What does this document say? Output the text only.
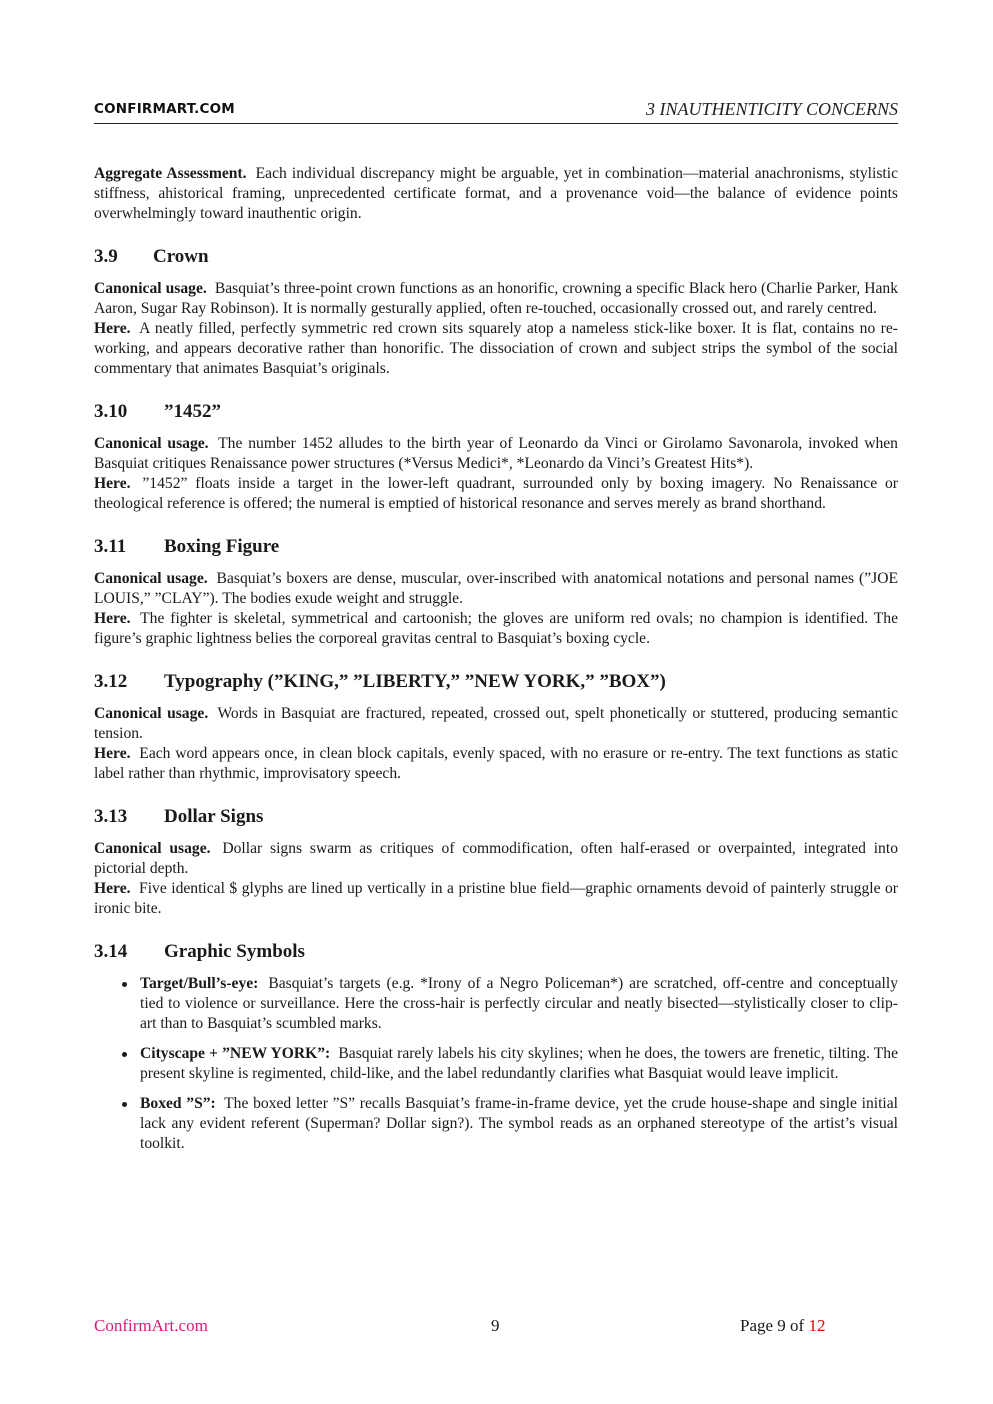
CONFIRMART.COM	3 INAUTHENTICITY CONCERNS

Aggregate Assessment. Each individual discrepancy might be arguable, yet in combination—material anachronisms, stylistic stiffness, ahistorical framing, unprecedented certificate format, and a provenance void—the balance of evidence points overwhelmingly toward inauthentic origin.

3.9	Crown

Canonical usage. Basquiat’s three-point crown functions as an honorific, crowning a specific Black hero (Charlie Parker, Hank Aaron, Sugar Ray Robinson). It is normally gesturally applied, often re-touched, occasionally crossed out, and rarely centred.

Here. A neatly filled, perfectly symmetric red crown sits squarely atop a nameless stick-like boxer. It is flat, contains no re-working, and appears decorative rather than honorific. The dissociation of crown and subject strips the symbol of the social commentary that animates Basquiat’s originals.

3.10	”1452”

Canonical usage. The number 1452 alludes to the birth year of Leonardo da Vinci or Girolamo Savonarola, invoked when Basquiat critiques Renaissance power structures (*Versus Medici*, *Leonardo da Vinci’s Greatest Hits*).

Here. ”1452” floats inside a target in the lower-left quadrant, surrounded only by boxing imagery. No Renaissance or theological reference is offered; the numeral is emptied of historical resonance and serves merely as brand shorthand.

3.11	Boxing Figure

Canonical usage. Basquiat’s boxers are dense, muscular, over-inscribed with anatomical notations and personal names (”JOE LOUIS,” ”CLAY”). The bodies exude weight and struggle.

Here. The fighter is skeletal, symmetrical and cartoonish; the gloves are uniform red ovals; no champion is identified. The figure’s graphic lightness belies the corporeal gravitas central to Basquiat’s boxing cycle.

3.12	Typography (”KING,” ”LIBERTY,” ”NEW YORK,” ”BOX”)

Canonical usage. Words in Basquiat are fractured, repeated, crossed out, spelt phonetically or stuttered, producing semantic tension.

Here. Each word appears once, in clean block capitals, evenly spaced, with no erasure or re-entry. The text functions as static label rather than rhythmic, improvisatory speech.

3.13	Dollar Signs

Canonical usage. Dollar signs swarm as critiques of commodification, often half-erased or overpainted, integrated into pictorial depth.

Here. Five identical $ glyphs are lined up vertically in a pristine blue field—graphic ornaments devoid of painterly struggle or ironic bite.

3.14	Graphic Symbols
Target/Bull’s-eye: Basquiat’s targets (e.g. *Irony of a Negro Policeman*) are scratched, off-centre and conceptually tied to violence or surveillance. Here the cross-hair is perfectly circular and neatly bisected—stylistically closer to clip-art than to Basquiat’s scumbled marks.
Cityscape + ”NEW YORK”: Basquiat rarely labels his city skylines; when he does, the towers are frenetic, tilting. The present skyline is regimented, child-like, and the label redundantly clarifies what Basquiat would leave implicit.
Boxed ”S”: The boxed letter ”S” recalls Basquiat’s frame-in-frame device, yet the crude house-shape and single initial lack any evident referent (Superman? Dollar sign?). The symbol reads as an orphaned stereotype of the artist’s visual toolkit.
ConfirmArt.com	9	Page 9 of 12
